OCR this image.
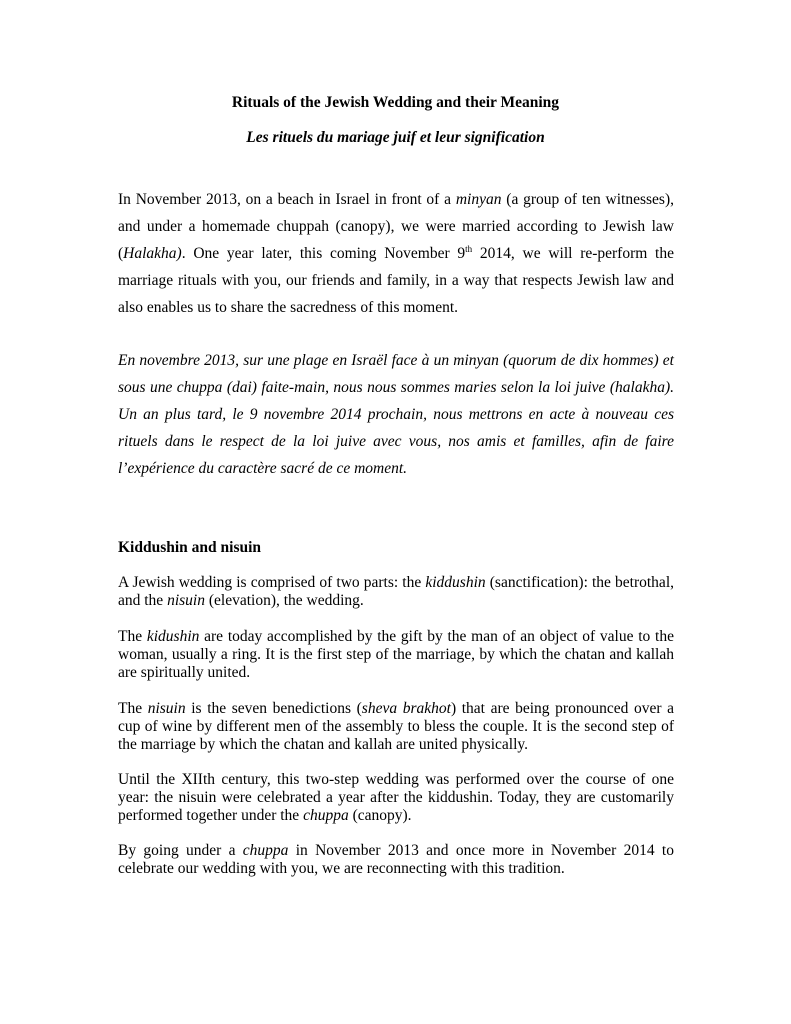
Rituals of the Jewish Wedding and their Meaning
Les rituels du mariage juif et leur signification

In November 2013, on a beach in Israel in front of a minyan (a group of ten witnesses), and under a homemade chuppah (canopy), we were married according to Jewish law (Halakha). One year later, this coming November 9th 2014, we will re-perform the marriage rituals with you, our friends and family, in a way that respects Jewish law and also enables us to share the sacredness of this moment.

En novembre 2013, sur une plage en Israël face à un minyan (quorum de dix hommes) et sous une chuppa (dai) faite-main, nous nous sommes maries selon la loi juive (halakha). Un an plus tard, le 9 novembre 2014 prochain, nous mettrons en acte à nouveau ces rituels dans le respect de la loi juive avec vous, nos amis et familles, afin de faire l’expérience du caractère sacré de ce moment.

Kiddushin and nisuin

A Jewish wedding is comprised of two parts: the kiddushin (sanctification): the betrothal, and the nisuin (elevation), the wedding.

The kidushin are today accomplished by the gift by the man of an object of value to the woman, usually a ring. It is the first step of the marriage, by which the chatan and kallah are spiritually united.

The nisuin is the seven benedictions (sheva brakhot) that are being pronounced over a cup of wine by different men of the assembly to bless the couple. It is the second step of the marriage by which the chatan and kallah are united physically.

Until the XIIth century, this two-step wedding was performed over the course of one year: the nisuin were celebrated a year after the kiddushin. Today, they are customarily performed together under the chuppa (canopy).

By going under a chuppa in November 2013 and once more in November 2014 to celebrate our wedding with you, we are reconnecting with this tradition.
